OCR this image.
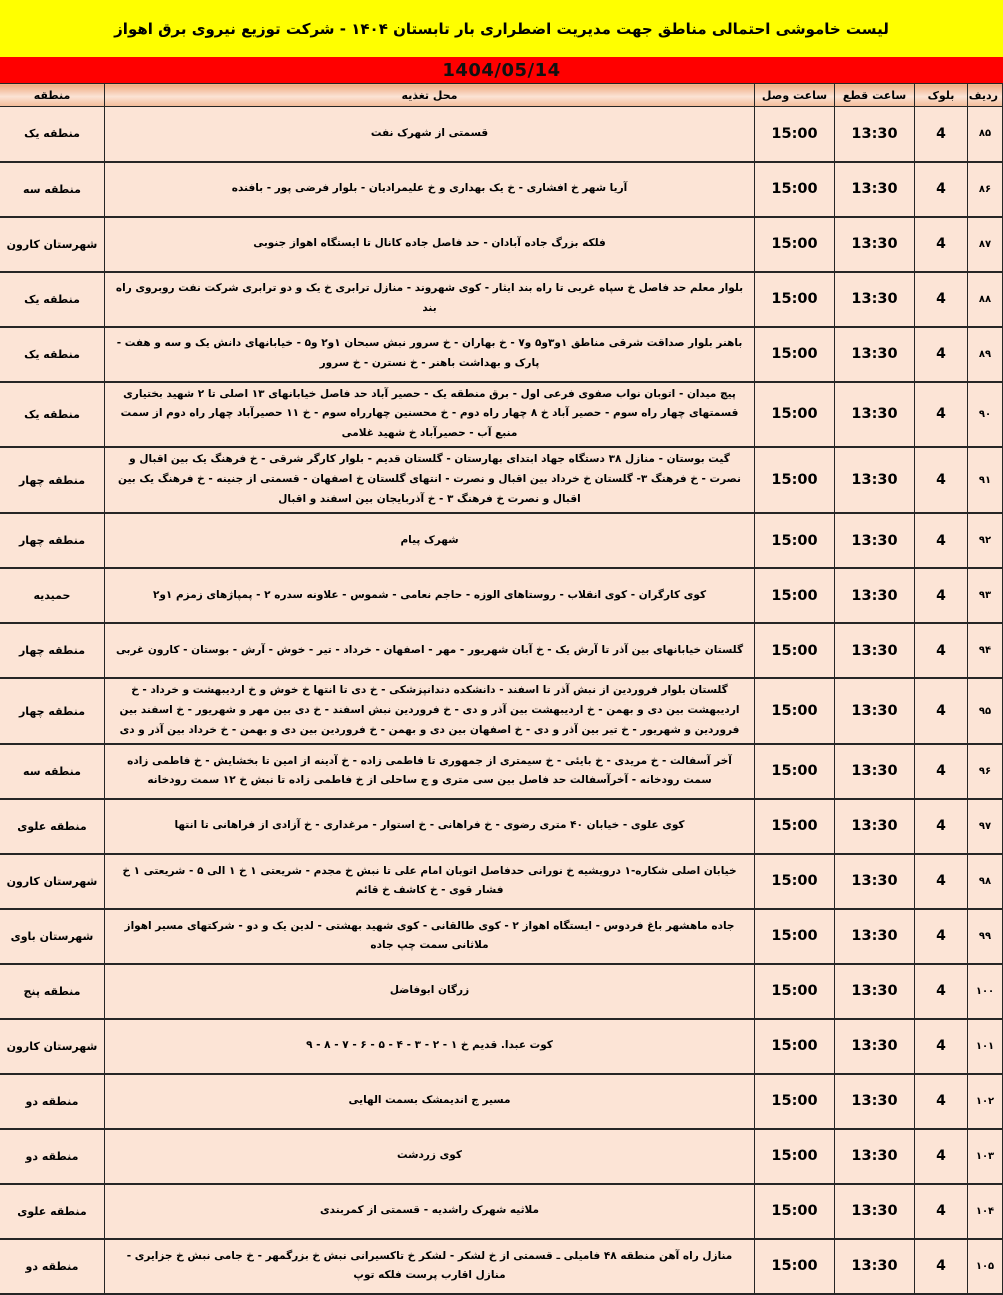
لیست خاموشی احتمالی مناطق جهت مدیریت اضطراری بار تابستان ۱۴۰۴ - شرکت توزیع نیروی برق اهواز
1404/05/14
ردیف	بلوک	ساعت قطع	ساعت وصل	محل تغذیه	منطقه
۸۵	4	13:30	15:00	قسمتی از شهرک نفت	منطقه یک
۸۶	4	13:30	15:00	آریا شهر خ افشاری - خ یک بهداری و خ علیمرادیان - بلوار فرضی پور - بافنده	منطقه سه
۸۷	4	13:30	15:00	فلکه بزرگ جاده آبادان - حد فاصل جاده کانال تا ایستگاه اهواز جنوبی	شهرستان کارون
۸۸	4	13:30	15:00	بلوار معلم حد فاصل خ سپاه غربی تا راه بند ایثار - کوی شهروند - منازل ترابری خ یک و دو ترابری شرکت نفت روبروی راه بند	منطقه یک
۸۹	4	13:30	15:00	باهنر بلوار صداقت شرقی مناطق ۱و۳و۵ و۷ - خ بهاران - خ سرور نبش سبحان ۱و۲ و۵ - خیابانهای دانش یک و سه و هفت - پارک و بهداشت باهنر - خ نسترن - خ سرور	منطقه یک
۹۰	4	13:30	15:00	پیچ میدان - اتوبان نواب صفوی فرعی اول - برق منطقه یک - حصیر آباد حد فاصل خیابانهای ۱۳ اصلی تا ۲ شهید بختیاری قسمتهای چهار راه سوم - حصیر آباد خ ۸ چهار راه دوم - خ محسنین چهارراه سوم - خ ۱۱ حصیرآباد چهار راه دوم از سمت منبع آب - حصیرآباد خ شهید غلامی	منطقه یک
۹۱	4	13:30	15:00	گیت بوستان - منازل ۳۸ دستگاه جهاد ابتدای بهارستان - گلستان قدیم - بلوار کارگر شرقی - خ فرهنگ یک بین اقبال و نصرت - خ فرهنگ ۳- گلستان خ خرداد بین اقبال و نصرت - انتهای گلستان خ اصفهان - قسمتی از جنینه - خ فرهنگ یک بین اقبال و نصرت خ فرهنگ ۳ - خ آذربایجان بین اسفند و اقبال	منطقه چهار
۹۲	4	13:30	15:00	شهرک پیام	منطقه چهار
۹۳	4	13:30	15:00	کوی کارگران - کوی انقلاب - روستاهای الوزه - حاجم نعامی - شموس - علاونه سدره ۲ - پمپاژهای زمزم ۱و۲	حمیدیه
۹۴	4	13:30	15:00	گلستان خیابانهای بین آذر تا آرش یک - خ آبان شهریور - مهر - اصفهان - خرداد - تیر - خوش - آرش - بوستان - کارون غربی	منطقه چهار
۹۵	4	13:30	15:00	گلستان بلوار فروردین از نبش آذر تا اسفند - دانشکده دندانپزشکی - خ دی تا انتها خ خوش و خ اردیبهشت و خرداد - خ اردیبهشت بین دی و بهمن - خ اردیبهشت بین آذر و دی - خ فروردین نبش اسفند - خ دی بین مهر و شهریور - خ اسفند بین فروردین و شهریور - خ تیر بین آذر و دی - خ اصفهان بین دی و بهمن - خ فروردین بین دی و بهمن - خ خرداد بین آذر و دی	منطقه چهار
۹۶	4	13:30	15:00	آخر آسفالت - خ مریدی - خ بایئی - خ سیمتری از جمهوری تا فاطمی زاده - خ آدینه از امین تا بخشایش - خ فاطمی زاده سمت رودخانه - آخرآسفالت حد فاصل بین سی متری و ج ساحلی از خ فاطمی زاده تا نبش خ ۱۲ سمت رودخانه	منطقه سه
۹۷	4	13:30	15:00	کوی علوی - خیابان ۴۰ متری رضوی - خ فراهانی - خ استوار - مرغداری - خ آزادی از فراهانی تا انتها	منطقه علوی
۹۸	4	13:30	15:00	خیابان اصلی شکاره-۱ درویشیه خ نورانی حدفاصل اتوبان امام علی تا نبش خ مجدم - شریعتی ۱ خ ۱ الی ۵ - شریعتی ۱ خ فشار قوی - خ کاشف خ قائم	شهرستان کارون
۹۹	4	13:30	15:00	جاده ماهشهر باغ فردوس - ایستگاه اهواز ۲ - کوی طالقانی - کوی شهید بهشتی - لدین یک و دو - شرکتهای مسیر اهواز ملاثانی سمت چپ جاده	شهرستان باوی
۱۰۰	4	13:30	15:00	زرگان ابوفاضل	منطقه پنج
۱۰۱	4	13:30	15:00	کوت عبدا. قدیم خ ۱ - ۲ - ۳ - ۴ - ۵ - ۶ - ۷ - ۸ - ۹	شهرستان کارون
۱۰۲	4	13:30	15:00	مسیر ج اندیمشک بسمت الهایی	منطقه دو
۱۰۳	4	13:30	15:00	کوی زردشت	منطقه دو
۱۰۴	4	13:30	15:00	ملاثیه شهرک راشدیه - قسمتی از کمربندی	منطقه علوی
۱۰۵	4	13:30	15:00	منازل راه آهن منطقه ۴۸ فامیلی ـ قسمتی از خ لشکر - لشکر خ تاکسیرانی نبش خ بزرگمهر - خ جامی نبش خ جزایری - منازل اقارب پرست فلکه توپ	منطقه دو
